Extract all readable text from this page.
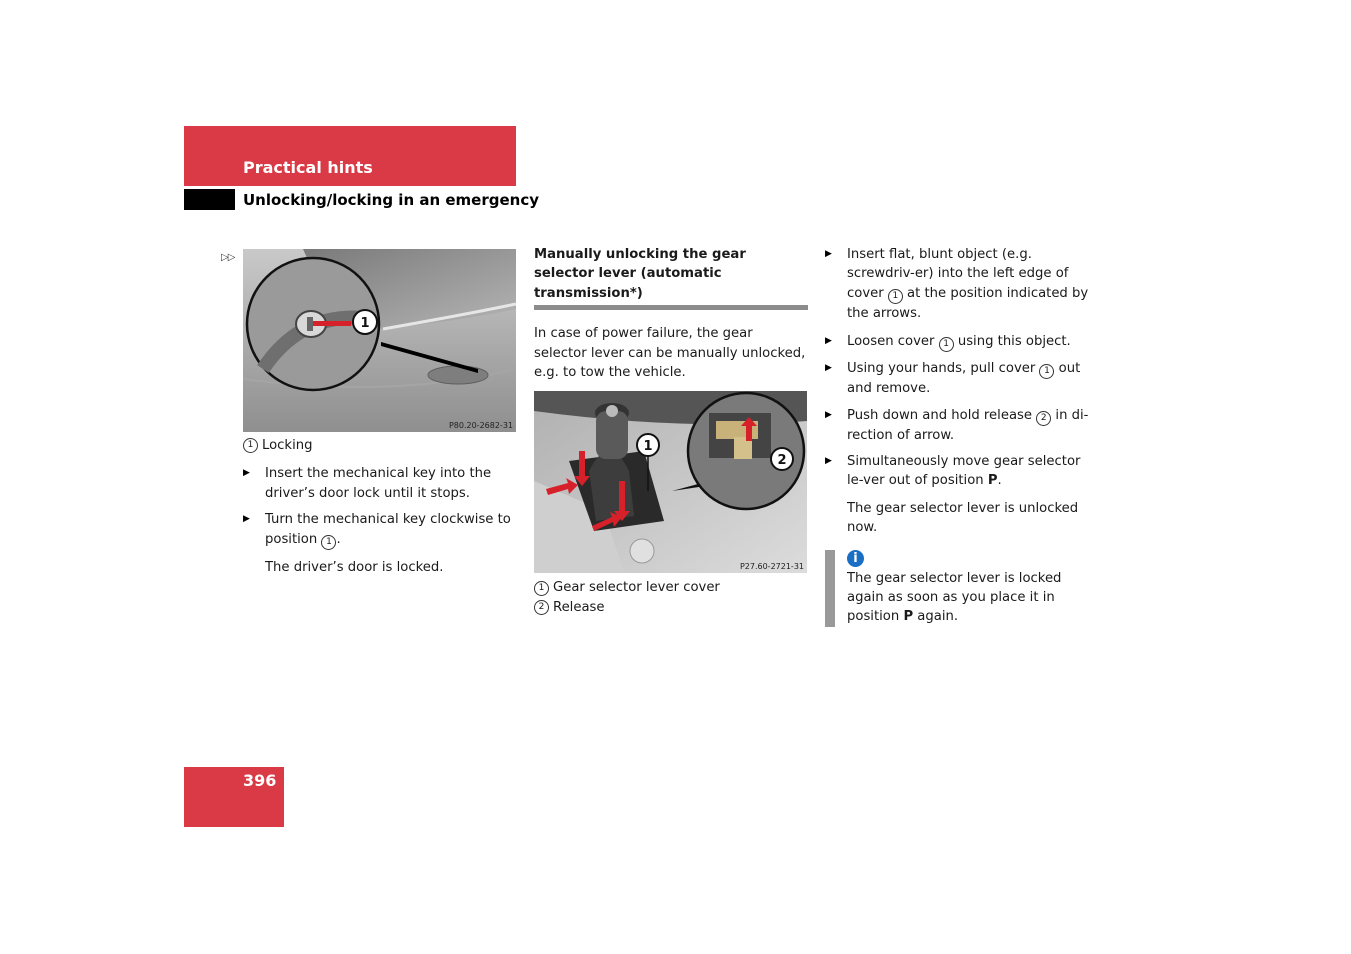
Practical hints
Unlocking/locking in an emergency
▷▷
1
P80.20-2682-31
1 Locking
▶	Insert the mechanical key into the driver’s door lock until it stops.
▶	Turn the mechanical key clockwise to position 1 .
The driver’s door is locked.
Manually unlocking the gear selector lever (automatic transmission*)
In case of power failure, the gear selector lever can be manually unlocked, e.g. to tow the vehicle.
1
2
P27.60-2721-31
1 Gear selector lever cover
2 Release
▶	Insert flat, blunt object (e.g. screwdriv-er) into the left edge of cover 1 at the position indicated by the arrows.
▶	Loosen cover 1 using this object.
▶	Using your hands, pull cover 1 out and remove.
▶	Push down and hold release 2 in di-rection of arrow.
▶	Simultaneously move gear selector le-ver out of position P.
The gear selector lever is unlocked now.
i
The gear selector lever is locked again as soon as you place it in position P again.
396
